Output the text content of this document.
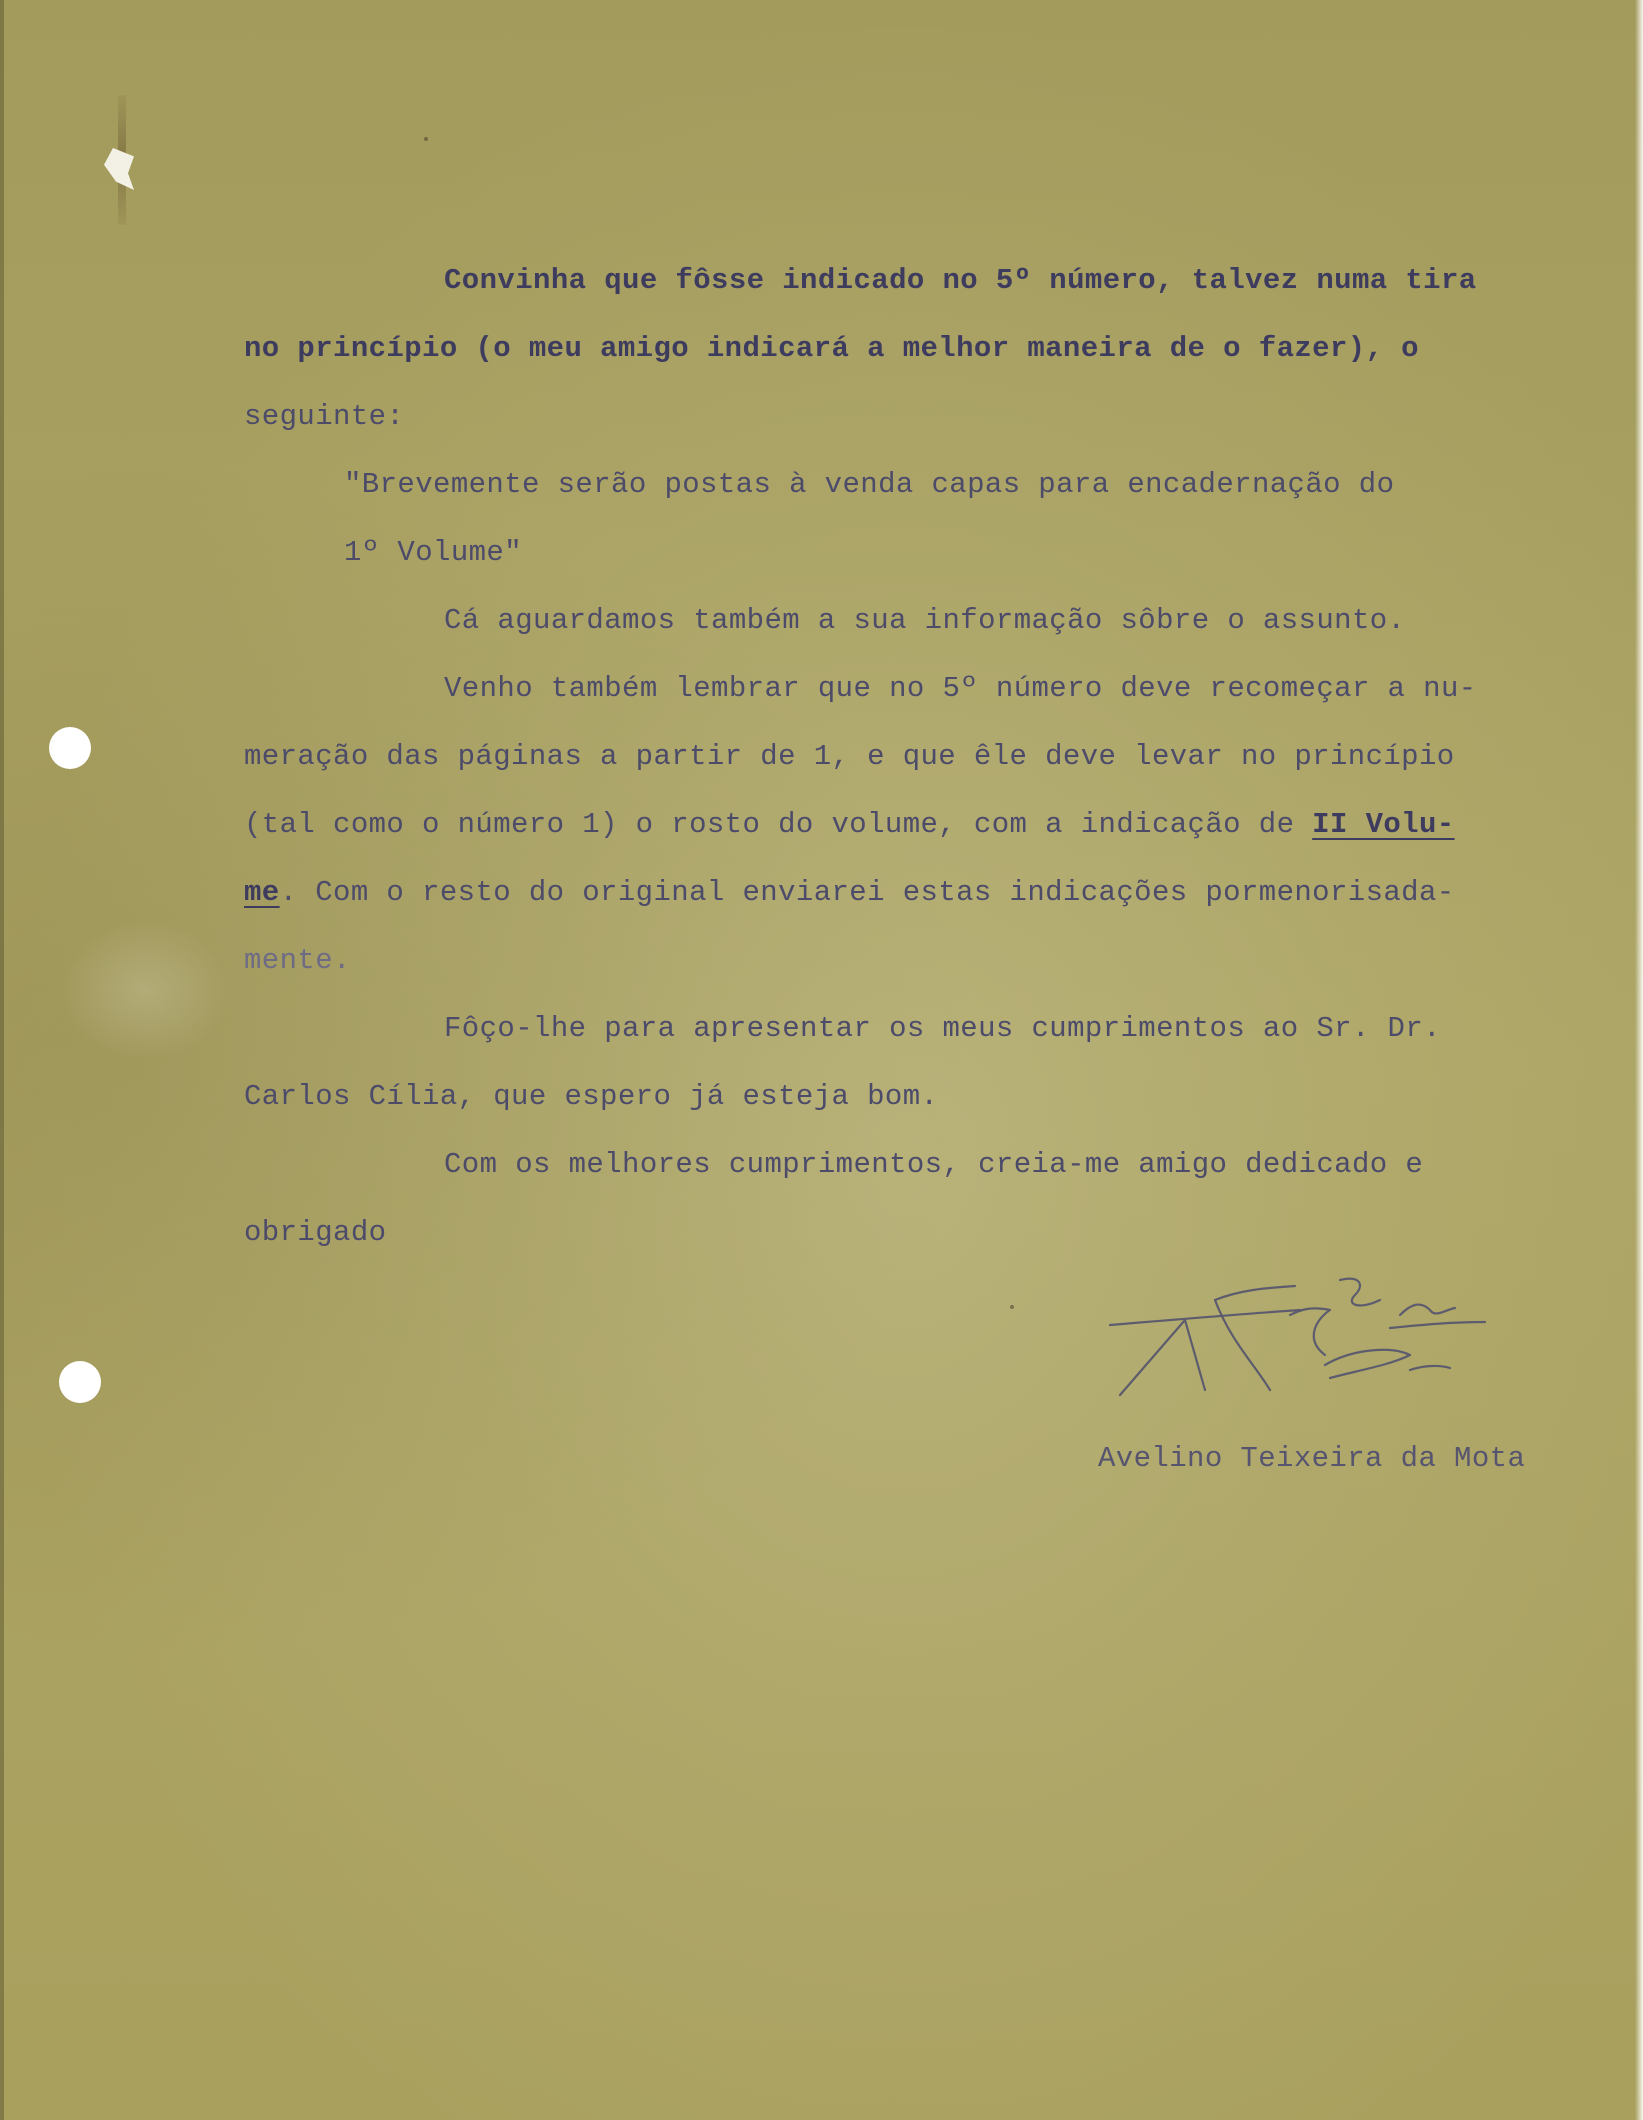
Convinha que fôsse indicado no 5º número, talvez numa tira
no princípio (o meu amigo indicará a melhor maneira de o fazer), o
seguinte:

"Brevemente serão postas à venda capas para encadernação do
1º Volume"

Cá aguardamos também a sua informação sôbre o assunto.

Venho também lembrar que no 5º número deve recomeçar a nu-
meração das páginas a partir de 1, e que êle deve levar no princípio
(tal como o número 1) o rosto do volume, com a indicação de II Volu-
me. Com o resto do original enviarei estas indicações pormenorisada-
mente.

Fôço-lhe para apresentar os meus cumprimentos ao Sr. Dr.
Carlos Cília, que espero já esteja bom.

Com os melhores cumprimentos, creia-me amigo dedicado e
obrigado

Avelino Teixeira da Mota
